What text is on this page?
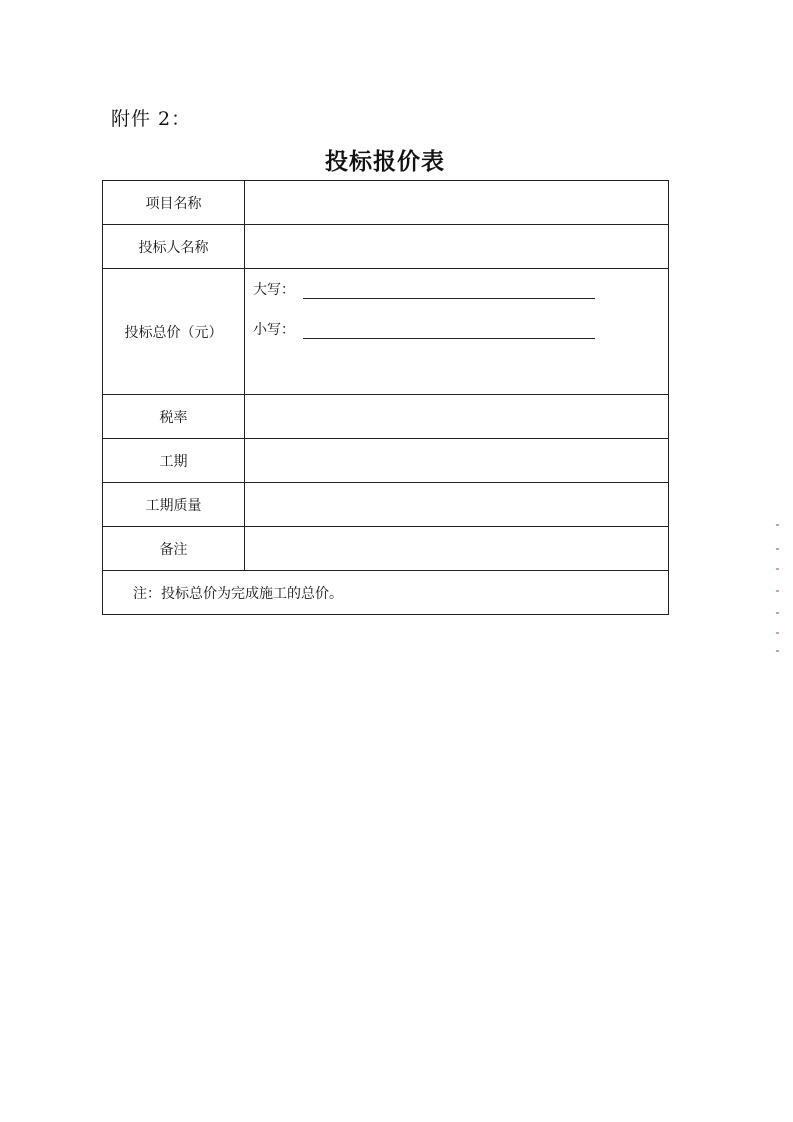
附件 2：
投标报价表
项目名称	
投标人名称	
投标总价（元）	大写：
小写：

税率	
工期	
工期质量	
备注	
注：投标总价为完成施工的总价。	
